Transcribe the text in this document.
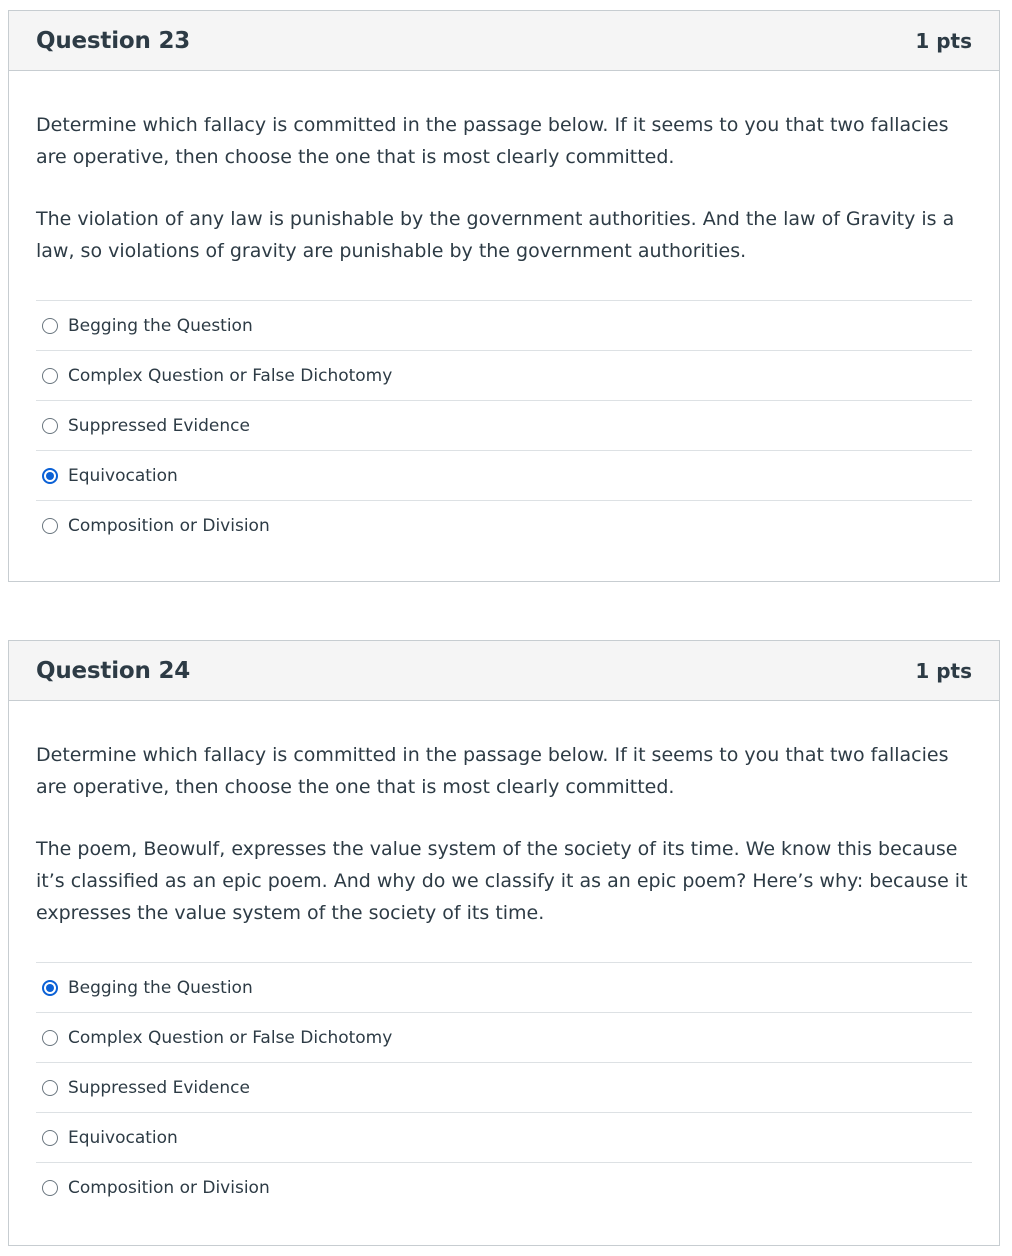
Question 23	1 pts

Determine which fallacy is committed in the passage below. If it seems to you that two fallacies are operative, then choose the one that is most clearly committed.

The violation of any law is punishable by the government authorities. And the law of Gravity is a law, so violations of gravity are punishable by the government authorities.

Begging the Question
Complex Question or False Dichotomy
Suppressed Evidence
Equivocation
Composition or Division
Question 24	1 pts

Determine which fallacy is committed in the passage below. If it seems to you that two fallacies are operative, then choose the one that is most clearly committed.

The poem, Beowulf, expresses the value system of the society of its time. We know this because it’s classified as an epic poem. And why do we classify it as an epic poem? Here’s why: because it expresses the value system of the society of its time.

Begging the Question
Complex Question or False Dichotomy
Suppressed Evidence
Equivocation
Composition or Division
